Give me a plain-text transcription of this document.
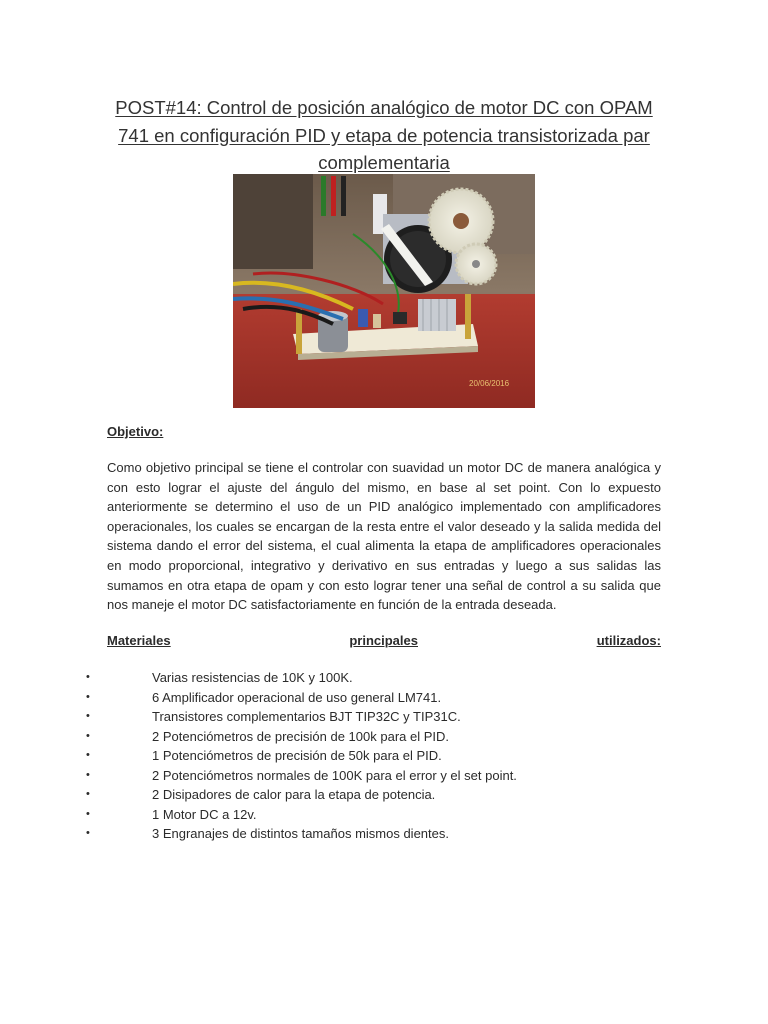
POST#14: Control de posición analógico de motor DC con OPAM 741 en configuración PID y etapa de potencia transistorizada par complementaria
20/06/2016

Objetivo:

Como objetivo principal se tiene el controlar con suavidad un motor DC de manera analógica y con esto lograr el ajuste del ángulo del mismo, en base al set point. Con lo expuesto anteriormente se determino el uso de un PID analógico implementado con amplificadores operacionales, los cuales se encargan de la resta entre el valor deseado y la salida medida del sistema dando el error del sistema, el cual alimenta la etapa de amplificadores operacionales en modo proporcional, integrativo y derivativo en sus entradas y luego a sus salidas las sumamos en otra etapa de opam y con esto lograr tener una señal de control a su salida que nos maneje el motor DC satisfactoriamente en función de la entrada deseada.

Materiales	principales	utilizados:

•	Varias resistencias de 10K y 100K.
•	6 Amplificador operacional de uso general LM741.
•	Transistores complementarios BJT TIP32C y TIP31C.
•	2 Potenciómetros de precisión de 100k para el PID.
•	1 Potenciómetros de precisión de 50k para el PID.
•	2 Potenciómetros normales de 100K para el error y el set point.
•	2 Disipadores de calor para la etapa de potencia.
•	1 Motor DC a 12v.
•	3 Engranajes de distintos tamaños mismos dientes.
